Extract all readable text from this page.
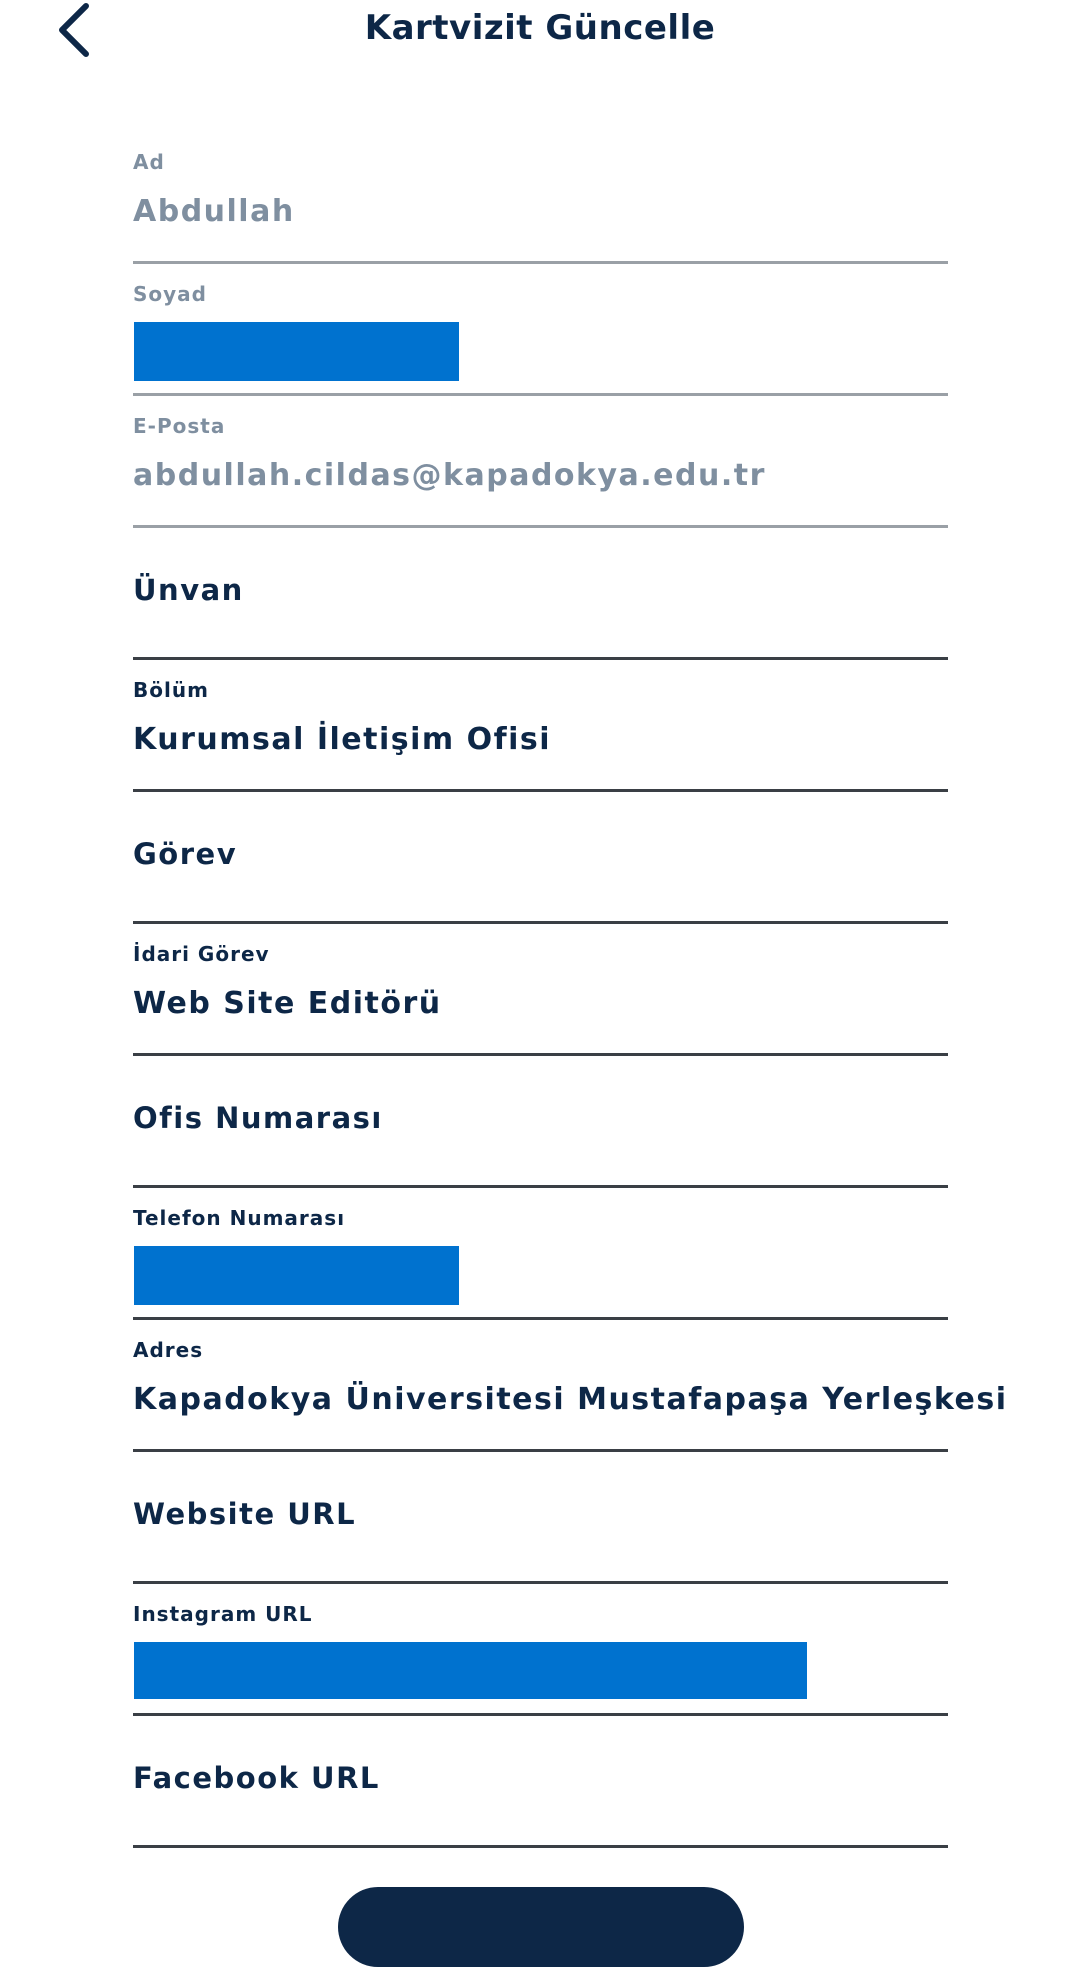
Kartvizit Güncelle
Ad
Abdullah
Soyad
E-Posta
abdullah.cildas@kapadokya.edu.tr
Ünvan
Bölüm
Kurumsal İletişim Ofisi
Görev
İdari Görev
Web Site Editörü
Ofis Numarası
Telefon Numarası
Adres
Kapadokya Üniversitesi Mustafapaşa Yerleşkesi
Website URL
Instagram URL
Facebook URL
